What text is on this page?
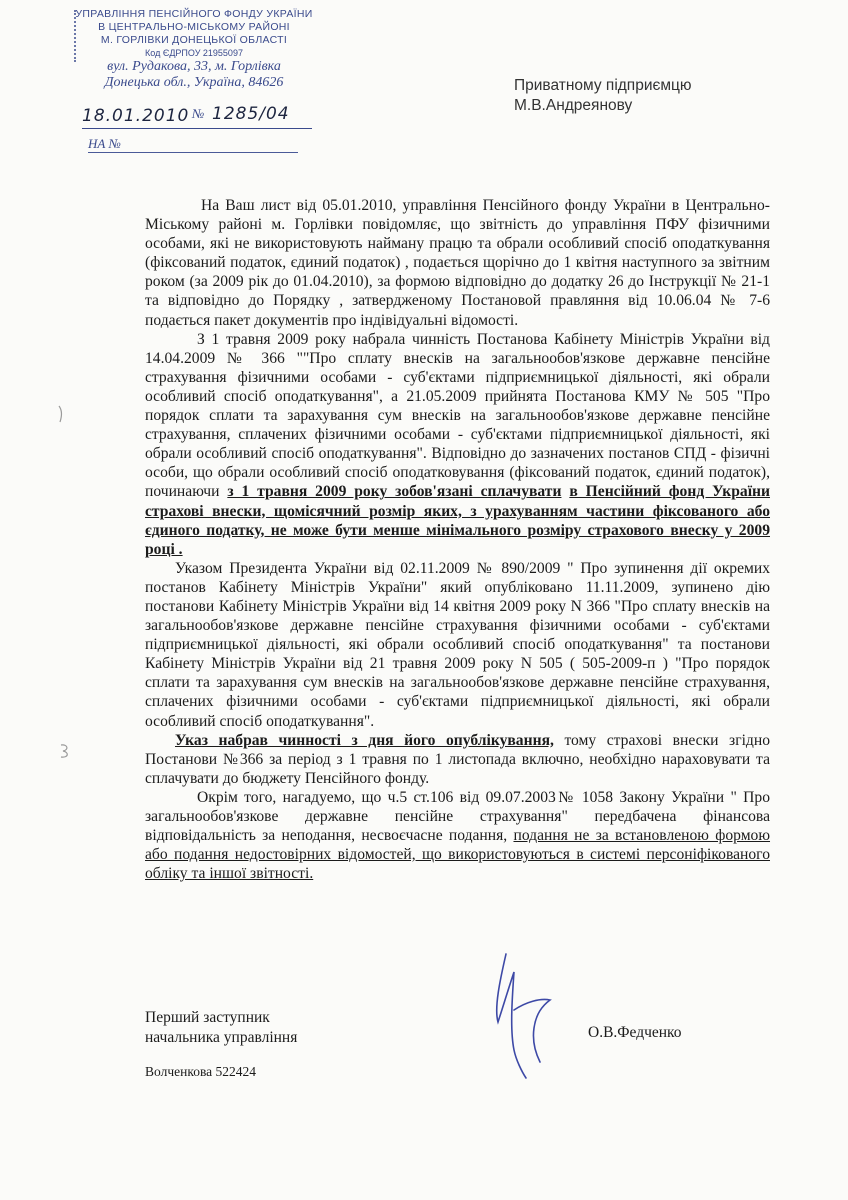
УПРАВЛІННЯ ПЕНСІЙНОГО ФОНДУ УКРАЇНИ
В ЦЕНТРАЛЬНО-МІСЬКОМУ РАЙОНІ
М. ГОРЛІВКИ ДОНЕЦЬКОЇ ОБЛАСТІ
Код ЄДРПОУ 21955097
вул. Рудакова, 33, м. Горлівка
Донецька обл., Україна, 84626
18.01.2010 № 1285/04
НА №
Приватному підприємцю
М.В.Андреянову

На Ваш лист від 05.01.2010, управління Пенсійного фонду України в Центрально-Міському районі м. Горлівки повідомляє, що звітність до управління ПФУ фізичними особами, які не використовують найману працю та обрали особливий спосіб оподаткування (фіксований податок, єдиний податок) , подається щорічно до 1 квітня наступного за звітним роком (за 2009 рік до 01.04.2010), за формою відповідно до додатку 26 до Інструкції № 21-1 та відповідно до Порядку , затвердженому Постановой правляння від 10.06.04 № 7-6 подається пакет документів про індівідуальні відомості.

З 1 травня 2009 року набрала чинність Постанова Кабінету Міністрів України від 14.04.2009 № 366 ""Про сплату внесків на загальнообов'язкове державне пенсійне страхування фізичними особами - суб'єктами підприємницької діяльності, які обрали особливий спосіб оподаткування", а 21.05.2009 прийнята Постанова КМУ № 505 "Про порядок сплати та зарахування сум внесків на загальнообов'язкове державне пенсійне страхування, сплачених фізичними особами - суб'єктами підприємницької діяльності, які обрали особливий спосіб оподаткування". Відповідно до зазначених постанов СПД - фізичні особи, що обрали особливий спосіб оподатковування (фіксований податок, єдиний податок), починаючи з 1 травня 2009 року зобов'язані сплачувати в Пенсійний фонд України страхові внески, щомісячний розмір яких, з урахуванням частини фіксованого або єдиного податку, не може бути менше мінімального розміру страхового внеску у 2009 році .

Указом Президента України від 02.11.2009 № 890/2009 " Про зупинення дії окремих постанов Кабінету Міністрів України" який опубліковано 11.11.2009, зупинено дію постанови Кабінету Міністрів України від 14 квітня 2009 року N 366 "Про сплату внесків на загальнообов'язкове державне пенсійне страхування фізичними особами - суб'єктами підприємницької діяльності, які обрали особливий спосіб оподаткування" та постанови Кабінету Міністрів України від 21 травня 2009 року N 505 ( 505-2009-п ) "Про порядок сплати та зарахування сум внесків на загальнообов'язкове державне пенсійне страхування, сплачених фізичними особами - суб'єктами підприємницької діяльності, які обрали особливий спосіб оподаткування".

Указ набрав чинності з дня його опублікування, тому страхові внески згідно Постанови №366 за період з 1 травня по 1 листопада включно, необхідно нараховувати та сплачувати до бюджету Пенсійного фонду.

Окрім того, нагадуемо, що ч.5 ст.106 від 09.07.2003№ 1058 Закону України " Про загальнообов'язкове державне пенсійне страхування" передбачена фінансова відповідальність за неподання, несвоєчасне подання, подання не за встановленою формою або подання недостовірних відомостей, що використовуються в системі персоніфікованого обліку та іншої звітності.

Перший заступник
начальника управління	О.В.Федченко
Волченкова 522424
